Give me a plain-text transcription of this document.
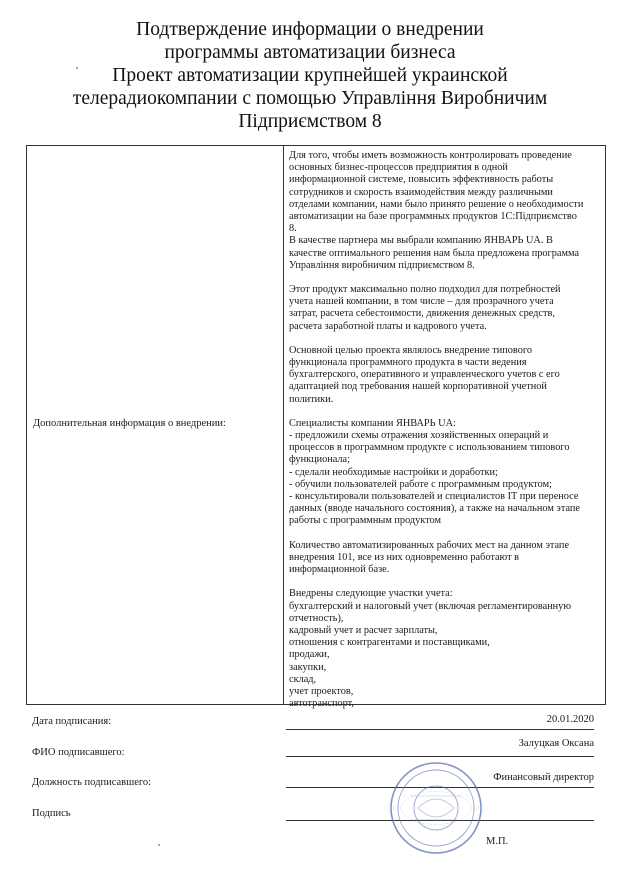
Подтверждение информации о внедрении
программы автоматизации бизнеса
Проект автоматизации крупнейшей украинской
телерадиокомпании с помощью Управління Виробничим
Підприємством 8
Дополнительная информация о внедрении:

Для того, чтобы иметь возможность контролировать проведение
основных бизнес-процессов предприятия в одной
информационной системе, повысить эффективность работы
сотрудников и скорость взаимодействия между различными
отделами компании, нами было принято решение о необходимости
автоматизации на базе программных продуктов 1С:Підприємство
8.
В качестве партнера мы выбрали компанию ЯНВАРЬ UA. В
качестве оптимального решения нам была предложена программа
Управління виробничим підприємством 8.

Этот продукт максимально полно подходил для потребностей
учета нашей компании, в том числе – для прозрачного учета
затрат, расчета себестоимости, движения денежных средств,
расчета заработной платы и кадрового учета.

Основной целью проекта являлось внедрение типового
функционала программного продукта в части ведения
бухгалтерского, оперативного и управленческого учетов с его
адаптацией под требования нашей корпоративной учетной
политики.

Специалисты компании ЯНВАРЬ UA:
- предложили схемы отражения хозяйственных операций и
процессов в программном продукте с использованием типового
функционала;
- сделали необходимые настройки и доработки;
- обучили пользователей работе с программным продуктом;
- консультировали пользователей и специалистов IT при переносе
данных (вводе начального состояния), а также на начальном этапе
работы с программным продуктом

Количество автоматизированных рабочих мест на данном этапе
внедрения 101, все из них одновременно работают в
информационной базе.

Внедрены следующие участки учета:
бухгалтерский и налоговый учет (включая регламентированную
отчетность),
кадровый учет и расчет зарплаты,
отношения с контрагентами и поставщиками,
продажи,
закупки,
склад,
учет проектов,
автотранспорт,

Дата подписания:	20.01.2020
ФИО подписавшего:
Залуцкая Оксана
Должность подписавшего:	Финансовый директор
Подпись
М.П.
